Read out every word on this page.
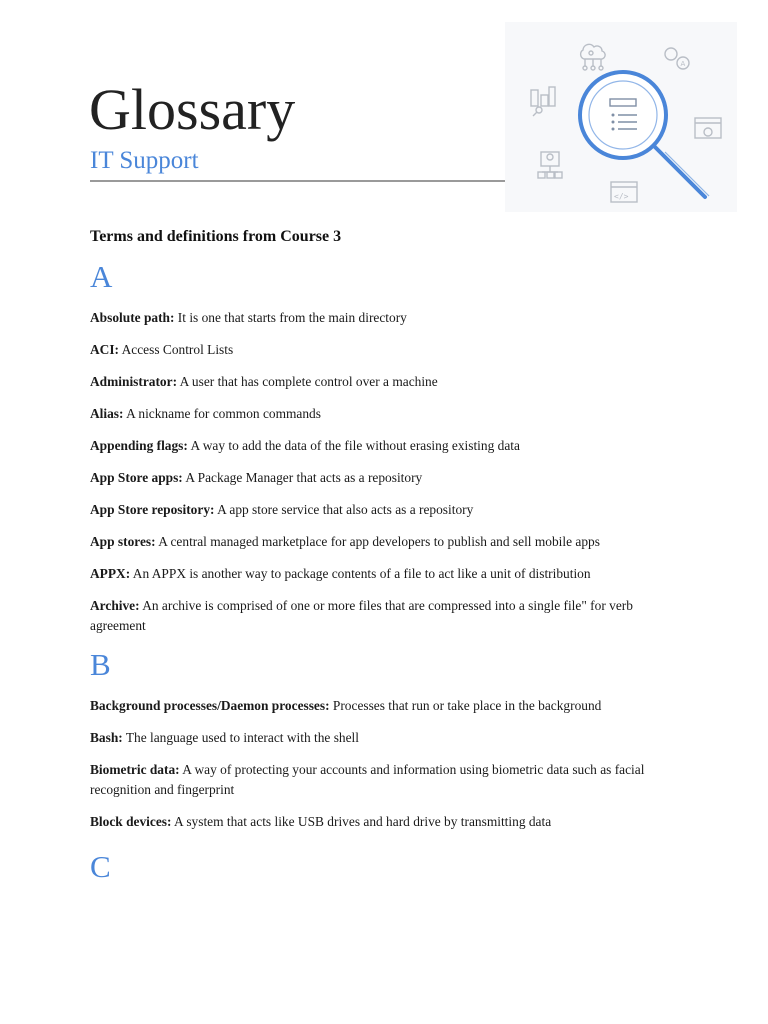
Glossary
IT Support
A
</>

Terms and definitions from Course 3

A

Absolute path: It is one that starts from the main directory

ACI: Access Control Lists

Administrator: A user that has complete control over a machine

Alias: A nickname for common commands

Appending flags: A way to add the data of the file without erasing existing data

App Store apps: A Package Manager that acts as a repository

App Store repository: A app store service that also acts as a repository

App stores: A central managed marketplace for app developers to publish and sell mobile apps

APPX: An APPX is another way to package contents of a file to act like a unit of distribution

Archive: An archive is comprised of one or more files that are compressed into a single file" for verb agreement

B

Background processes/Daemon processes: Processes that run or take place in the background

Bash: The language used to interact with the shell

Biometric data: A way of protecting your accounts and information using biometric data such as facial recognition and fingerprint

Block devices: A system that acts like USB drives and hard drive by transmitting data

C
